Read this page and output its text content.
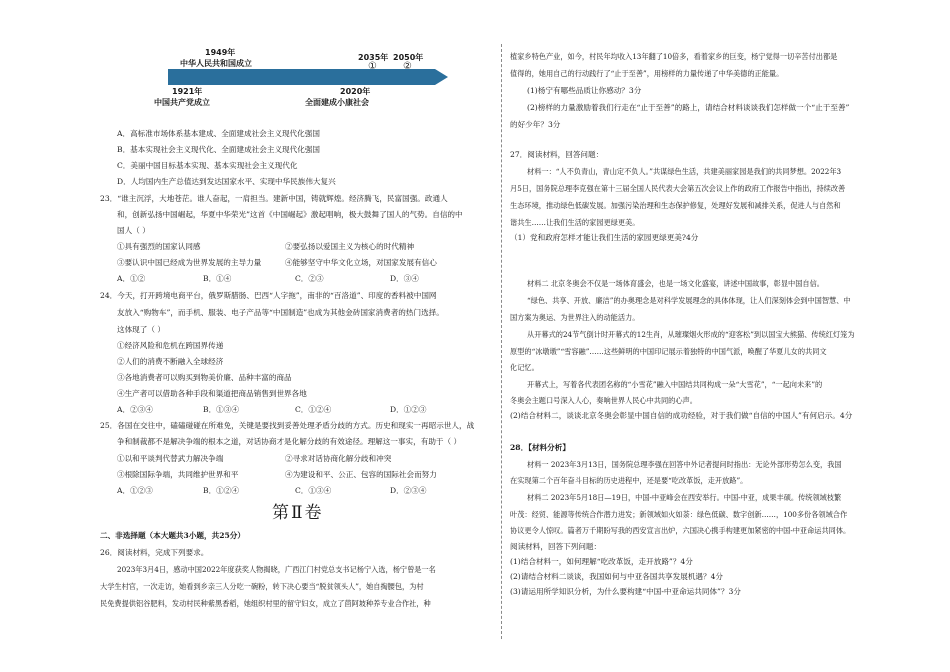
1949年
中华人民共和国成立
2035年 2050年
①	②
1921年
中国共产党成立
2020年
全面建成小康社会
A．高标准市场体系基本建成、全面建成社会主义现代化强国
B．基本实现社会主义现代化、全面建成社会主义现代化强国
C．美丽中国目标基本实现、基本实现社会主义现代化
D．人均国内生产总值达到发达国家水平、实现中华民族伟大复兴
23．“谁主沉浮，大地苍茫。谁人奋起，一肩担当。建新中国，铸就辉煌。经济腾飞，民富国强。政通人
和，创新弘扬中国崛起，华夏中华荣光”这首《中国崛起》激起唱响，极大鼓舞了国人的气势。自信的中
国人（ ）
①具有强烈的国家认同感	②要弘扬以爱国主义为核心的时代精神
③要认识中国已经成为世界发展的主导力量	④能够坚守中华文化立场，对国家发展有信心
A．①②	B．①④	C．②③	D．③④
24．今天，打开跨境电商平台，俄罗斯腊肠、巴西“人字拖”，南非的“百洛道”、印度的香料被中国网
友放入“购物车”，而手机、服装、电子产品等“中国制造”也成为其他金砖国家消费者的热门选择。
这体现了（ ）
①经济风险和危机在跨国界传递
②人们的消费不断融入全球经济
③各地消费者可以购买到物美价廉、品种丰富的商品
④生产者可以借助各种手段和渠道把商品销售到世界各地
A．②③④	B．①③④	C．①②④	D．①②③
25．各国在交往中，磕磕碰碰在所难免，关键是要找到妥善处理矛盾分歧的方式。历史和现实一再昭示世人，战
争和制裁都不是解决争端的根本之道，对话协商才是化解分歧的有效途径。理解这一事实，有助于（ ）
①以和平谈判代替武力解决争端	②寻求对话协商化解分歧和冲突
③根除国际争端，共同维护世界和平	④为建设和平、公正、包容的国际社会而努力
A．①②③	B．①②④	C．①③④	D．②③④
第Ⅱ卷
二、非选择题（本大题共3小题，共25分）
26．阅读材料，完成下列要求。
2023年3月4日，感动中国2022年度获奖人物揭晓，广西江门村党总支书记杨宁入选，杨宁曾是一名
大学生村官，一次走访，她看到乡亲三人分吃一碗粉，转下决心要当“脱贫领头人”，她自掏腰包，为村
民免费提供铝谷肥料，发动村民种紫黑香稻，她组织村里的留守妇女，成立了茴阿坡种养专业合作社，种
植家乡特色产业，如今，村民年均收入13年翻了10倍多，看着家乡的巨变，杨宁觉得一切辛苦付出都是
值得的，她用自己的行动践行了“止于至善”，用榜样的力量传递了中华美德的正能量。
(1)杨宁有哪些品质让你感动？3分
(2)榜样的力量激励着我们行走在“止于至善”的路上，请结合材料谈谈我们怎样做一个“止于至善”
的好少年？3分
27．阅读材料，回答问题：
材料一：“人不负青山，青山定不负人。”共谋绿色生活，共建美丽家园是我们的共同梦想。2022年3
月5日，国务院总理李克强在第十三届全国人民代表大会第五次会议上作的政府工作报告中指出，持续改善
生态环境，推动绿色低碳发展。加强污染治理和生态保护修复，处理好发展和减排关系，促进人与自然和
谐共生……让我们生活的家园更绿更美。
（1）党和政府怎样才能让我们生活的家园更绿更美?4分
材料二 北京冬奥会不仅是一场体育盛会，也是一场文化盛宴，讲述中国故事，彰显中国自信。
“绿色、共享、开放、廉洁”的办奥理念是对科学发展理念的具体体现，让人们深刻体会到中国智慧、中
国方案为奥运、为世界注入的动能活力。
从开幕式的24节气倒计时开幕式的12生肖，从璀璨烟火形成的“迎客松”到以国宝大熊猫、传统红灯笼为
原型的“冰墩墩”“雪容融”……这些鲜明的中国印记展示着独特的中国气派，唤醒了华夏儿女的共同文
化记忆。
开幕式上，写着各代表团名称的“小雪花”融入中国结共同构成一朵“大雪花”，“一起向未来”的
冬奥会主题口号深入人心，奏响世界人民心中共同的心声。
(2)结合材料二，谈谈北京冬奥会彰显中国自信的成功经验，对于我们做“自信的中国人”有何启示。4分
28．【材料分析】
材料一 2023年3月13日，国务院总理李强在回答中外记者提问时指出：无论外部形势怎么变，我国
在实现第二个百年奋斗目标的历史进程中，还是要“吃改革饭，走开放路”。
材料二 2023年5月18日—19日，中国-中亚峰会在西安举行。中国-中亚，成果丰硕。传统领域枝繁
叶茂：经贸、能源等传统合作潜力进发；新领域如火如荼：绿色低碳、数字创新……，100多份各领域合作
协议更令人惊叹。篇者万千期盼写我的西安宣言出炉，六国决心携手构建更加紧密的中国-中亚命运共同体。
阅读材料，回答下列问题：
(1)结合材料一，如何理解“吃改革饭，走开放路”？4分
(2)请结合材料二谈谈，我国如何与中亚各国共享发展机遇？4分
(3)请运用所学知识分析，为什么要构建“中国-中亚命运共同体”？3分
